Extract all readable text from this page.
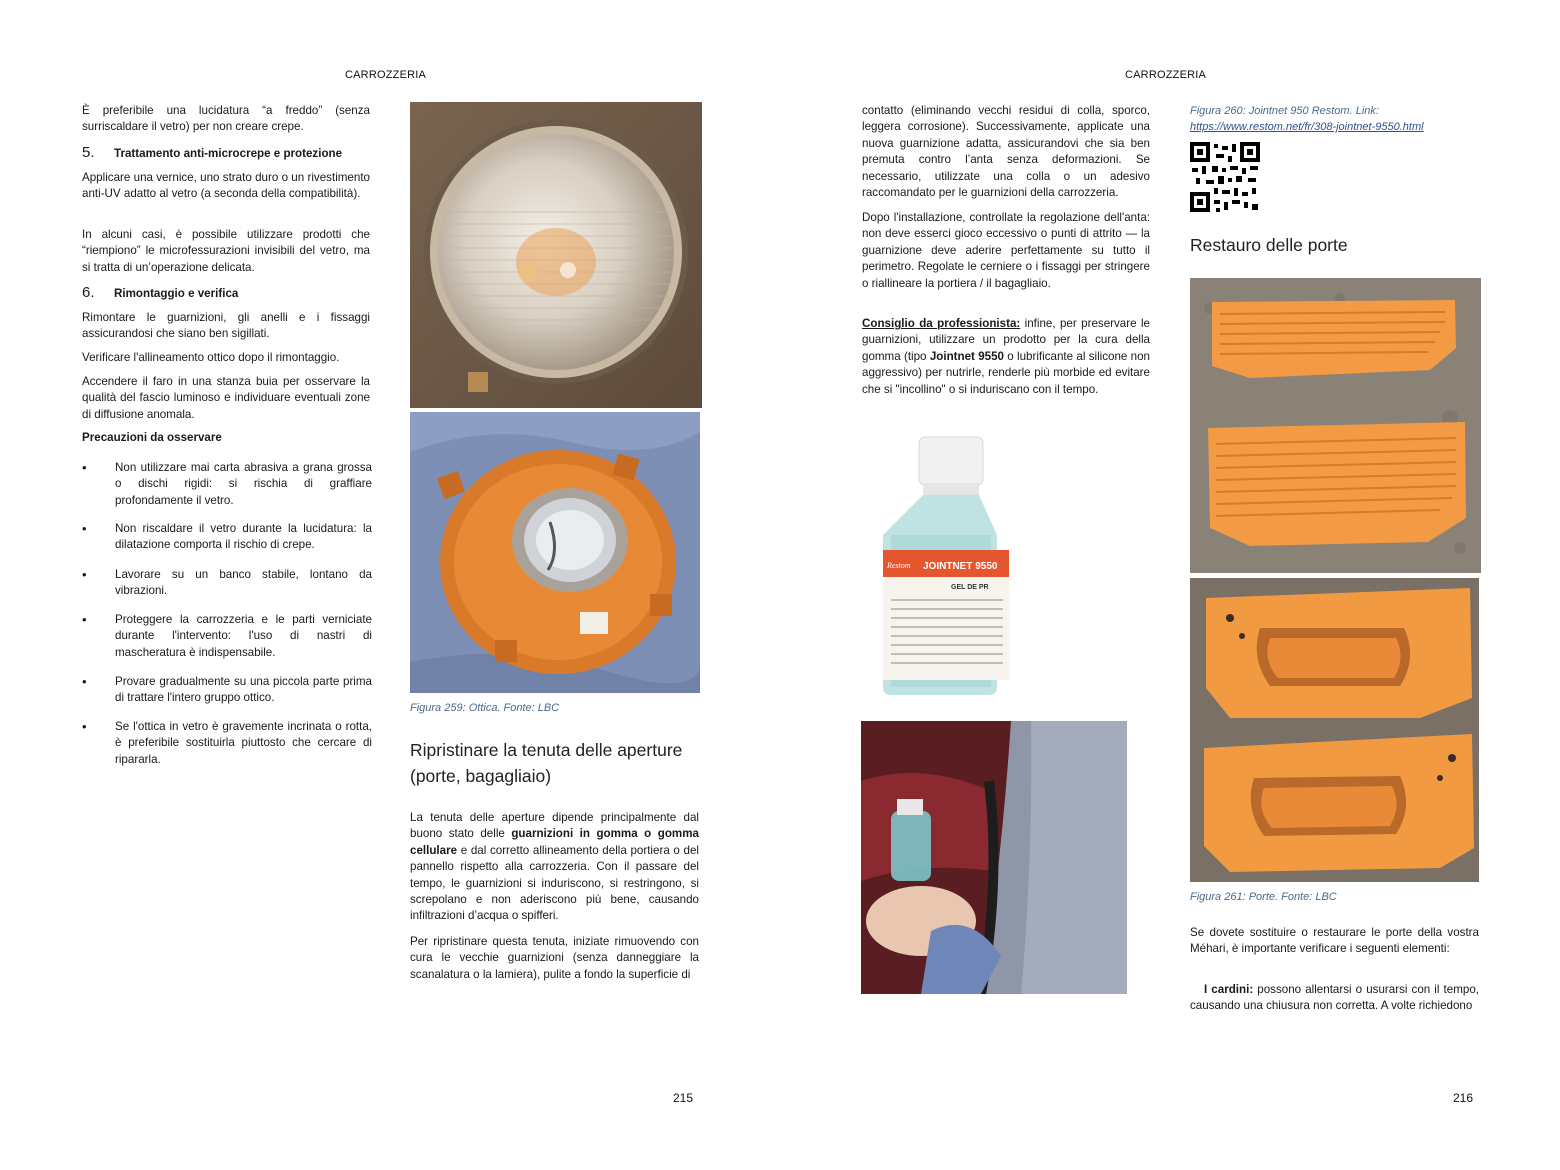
CARROZZERIA

È preferibile una lucidatura “a freddo” (senza surriscaldare il vetro) per non creare crepe.

5. Trattamento anti-microcrepe e protezione

Applicare una vernice, uno strato duro o un rivestimento anti-UV adatto al vetro (a seconda della compatibilità).

In alcuni casi, è possibile utilizzare prodotti che “riempiono” le microfessurazioni invisibili del vetro, ma si tratta di un’operazione delicata.

6. Rimontaggio e verifica

Rimontare le guarnizioni, gli anelli e i fissaggi assicurandosi che siano ben sigillati.

Verificare l'allineamento ottico dopo il rimontaggio.

Accendere il faro in una stanza buia per osservare la qualità del fascio luminoso e individuare eventuali zone di diffusione anomala.

Precauzioni da osservare
• Non utilizzare mai carta abrasiva a grana grossa o dischi rigidi: si rischia di graffiare profondamente il vetro.
• Non riscaldare il vetro durante la lucidatura: la dilatazione comporta il rischio di crepe.
• Lavorare su un banco stabile, lontano da vibrazioni.
• Proteggere la carrozzeria e le parti verniciate durante l'intervento: l'uso di nastri di mascheratura è indispensabile.
• Provare gradualmente su una piccola parte prima di trattare l'intero gruppo ottico.
• Se l'ottica in vetro è gravemente incrinata o rotta, è preferibile sostituirla piuttosto che cercare di ripararla.
Figura 259: Ottica. Fonte: LBC
Ripristinare la tenuta delle aperture (porte, bagagliaio)

La tenuta delle aperture dipende principalmente dal buono stato delle guarnizioni in gomma o gomma cellulare e dal corretto allineamento della portiera o del pannello rispetto alla carrozzeria. Con il passare del tempo, le guarnizioni si induriscono, si restringono, si screpolano e non aderiscono più bene, causando infiltrazioni d’acqua o spifferi.

Per ripristinare questa tenuta, iniziate rimuovendo con cura le vecchie guarnizioni (senza danneggiare la scanalatura o la lamiera), pulite a fondo la superficie di

215
CARROZZERIA

contatto (eliminando vecchi residui di colla, sporco, leggera corrosione). Successivamente, applicate una nuova guarnizione adatta, assicurandovi che sia ben premuta contro l’anta senza deformazioni. Se necessario, utilizzate una colla o un adesivo raccomandato per le guarnizioni della carrozzeria.

Dopo l'installazione, controllate la regolazione dell'anta: non deve esserci gioco eccessivo o punti di attrito — la guarnizione deve aderire perfettamente su tutto il perimetro. Regolate le cerniere o i fissaggi per stringere o riallineare la portiera / il bagagliaio.

Consiglio da professionista: infine, per preservare le guarnizioni, utilizzare un prodotto per la cura della gomma (tipo Jointnet 9550 o lubrificante al silicone non aggressivo) per nutrirle, renderle più morbide ed evitare che si "incollino" o si induriscano con il tempo.

JOINTNET 9550
Restom
GEL DE PR
Figura 260: Jointnet 950 Restom. Link:
https://www.restom.net/fr/308-jointnet-9550.html
Restauro delle porte
Figura 261: Porte. Fonte: LBC

Se dovete sostituire o restaurare le porte della vostra Méhari, è importante verificare i seguenti elementi:

I cardini: possono allentarsi o usurarsi con il tempo, causando una chiusura non corretta. A volte richiedono

216
